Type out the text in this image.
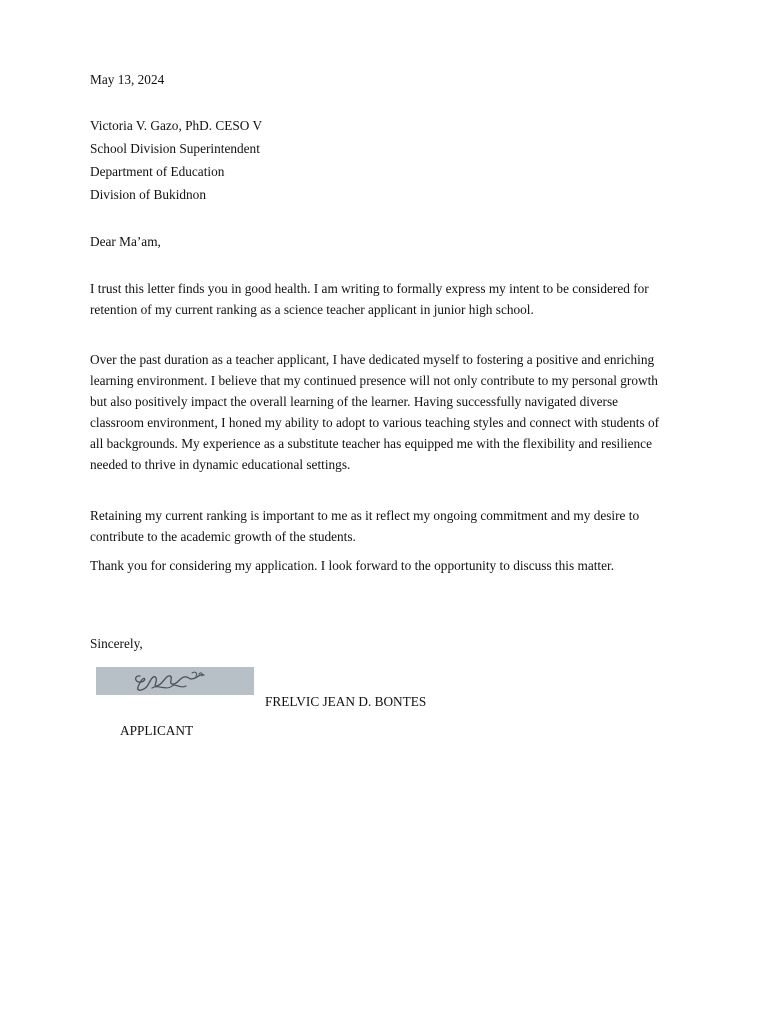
May 13, 2024
Victoria V. Gazo, PhD. CESO V
School Division Superintendent
Department of Education
Division of Bukidnon
Dear Ma’am,
I trust this letter finds you in good health. I am writing to formally express my intent to be considered for retention of my current ranking as a science teacher applicant in junior high school.
Over the past duration as a teacher applicant, I have dedicated myself to fostering a positive and enriching learning environment. I believe that my continued presence will not only contribute to my personal growth but also positively impact the overall learning of the learner. Having successfully navigated diverse classroom environment, I honed my ability to adopt to various teaching styles and connect with students of all backgrounds. My experience as a substitute teacher has equipped me with the flexibility and resilience needed to thrive in dynamic educational settings.
Retaining my current ranking is important to me as it reflect my ongoing commitment and my desire to contribute to the academic growth of the students.
Thank you for considering my application. I look forward to the opportunity to discuss this matter.
Sincerely,
FRELVIC JEAN D. BONTES
APPLICANT
